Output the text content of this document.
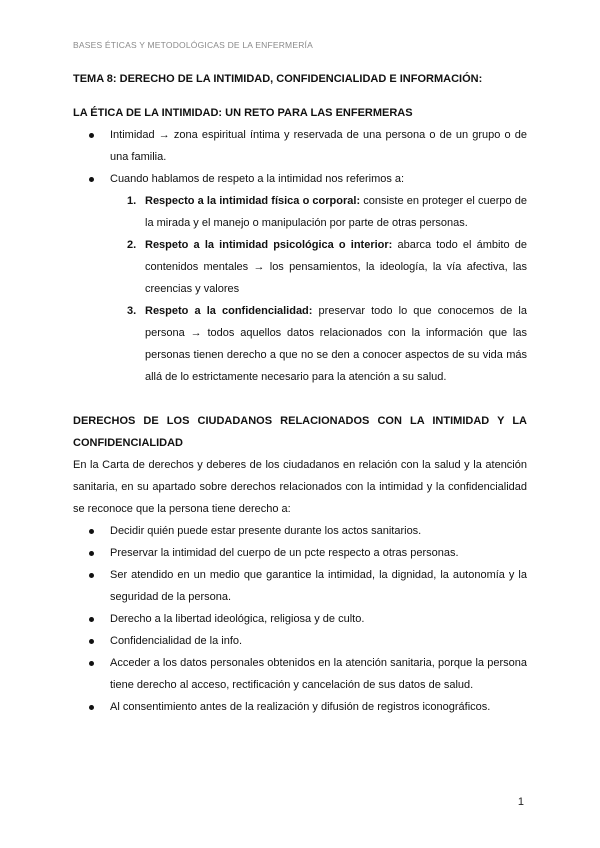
BASES ÉTICAS Y METODOLÓGICAS DE LA ENFERMERÍA

TEMA 8: DERECHO DE LA INTIMIDAD, CONFIDENCIALIDAD E INFORMACIÓN:

LA ÉTICA DE LA INTIMIDAD: UN RETO PARA LAS ENFERMERAS

Intimidad → zona espiritual íntima y reservada de una persona o de un grupo o de una familia.
Cuando hablamos de respeto a la intimidad nos referimos a:
1. Respecto a la intimidad física o corporal: consiste en proteger el cuerpo de la mirada y el manejo o manipulación por parte de otras personas.
2. Respeto a la intimidad psicológica o interior: abarca todo el ámbito de contenidos mentales → los pensamientos, la ideología, la vía afectiva, las creencias y valores
3. Respeto a la confidencialidad: preservar todo lo que conocemos de la persona → todos aquellos datos relacionados con la información que las personas tienen derecho a que no se den a conocer aspectos de su vida más allá de lo estrictamente necesario para la atención a su salud.

DERECHOS DE LOS CIUDADANOS RELACIONADOS CON LA INTIMIDAD Y LA CONFIDENCIALIDAD

En la Carta de derechos y deberes de los ciudadanos en relación con la salud y la atención sanitaria, en su apartado sobre derechos relacionados con la intimidad y la confidencialidad se reconoce que la persona tiene derecho a:

Decidir quién puede estar presente durante los actos sanitarios.
Preservar la intimidad del cuerpo de un pcte respecto a otras personas.
Ser atendido en un medio que garantice la intimidad, la dignidad, la autonomía y la seguridad de la persona.
Derecho a la libertad ideológica, religiosa y de culto.
Confidencialidad de la info.
Acceder a los datos personales obtenidos en la atención sanitaria, porque la persona tiene derecho al acceso, rectificación y cancelación de sus datos de salud.
Al consentimiento antes de la realización y difusión de registros iconográficos.
1
